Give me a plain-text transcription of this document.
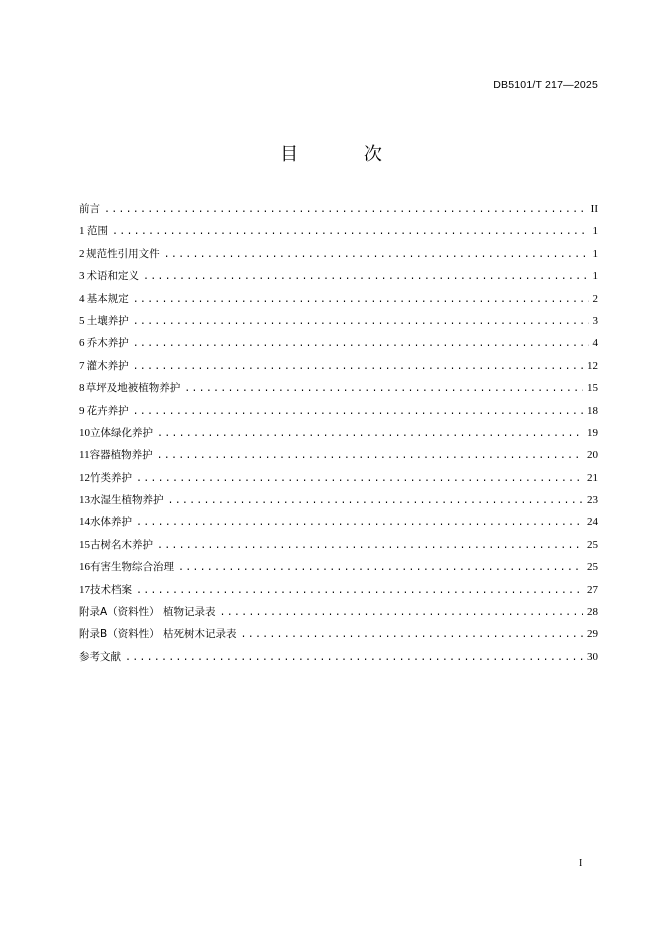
DB5101/T 217—2025
目 次
前言 .....	II
1 范围 .....	1
2 规范性引用文件 .....	1
3 术语和定义 .....	1
4 基本规定 .....	2
5 土壤养护 .....	3
6 乔木养护 .....	4
7 灌木养护 .....	12
8 草坪及地被植物养护 .....	15
9 花卉养护 .....	18
10 立体绿化养护 .....	19
11 容器植物养护 .....	20
12 竹类养护 .....	21
13 水湿生植物养护 .....	23
14 水体养护 .....	24
15 古树名木养护 .....	25
16 有害生物综合治理 .....	25
17 技术档案 .....	27
附录A（资料性） 植物记录表 .....	28
附录B（资料性） 枯死树木记录表 .....	29
参考文献 .....	30
I
